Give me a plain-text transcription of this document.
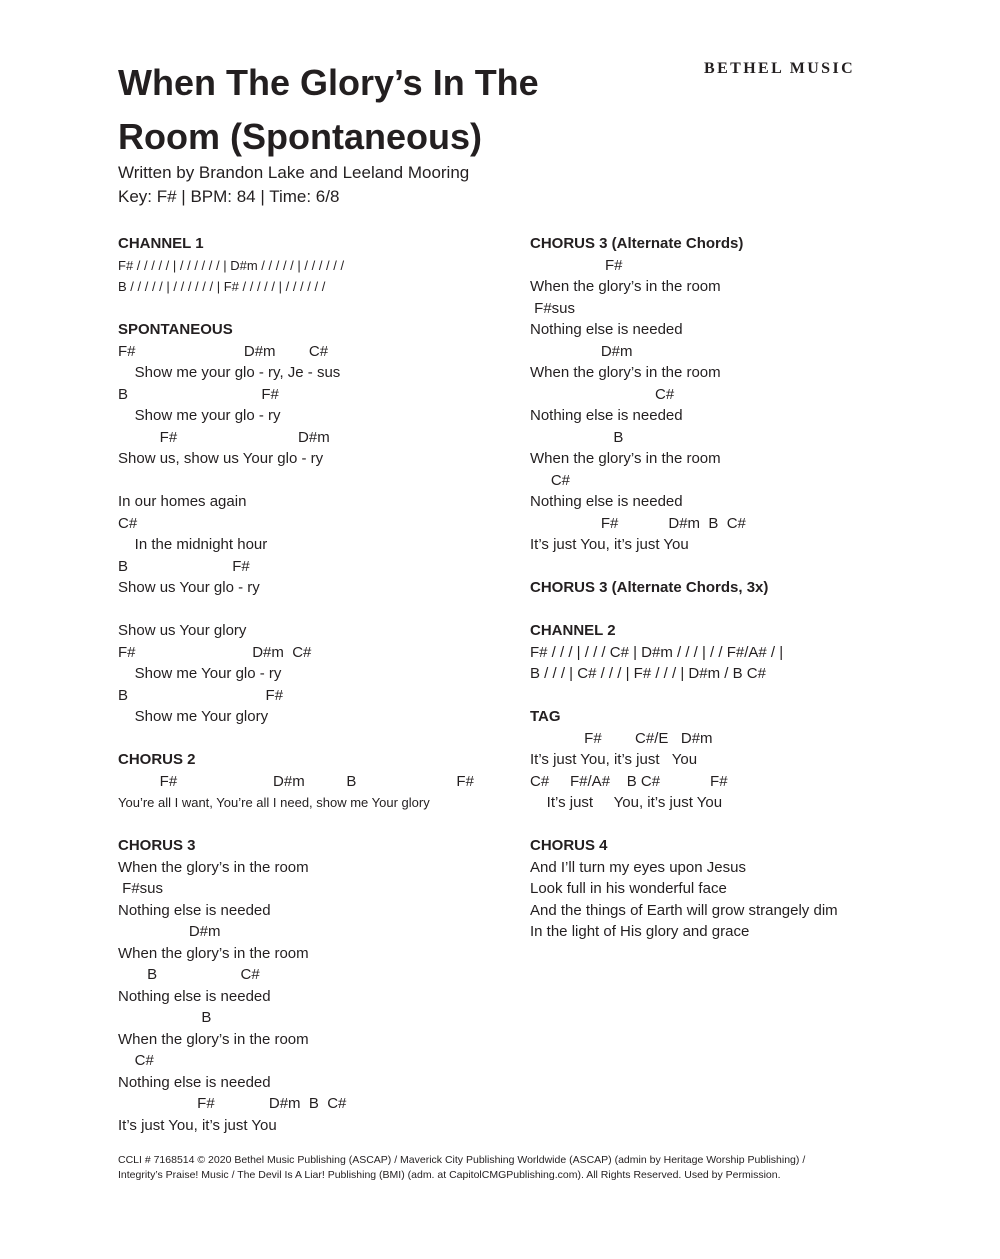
BETHEL MUSIC
When The Glory’s In The Room (Spontaneous)
Written by Brandon Lake and Leeland Mooring
Key: F# | BPM: 84 | Time: 6/8
CHANNEL 1
F# / / / / / | / / / / / / | D#m / / / / / | / / / / / /
B / / / / / | / / / / / / | F# / / / / / | / / / / / /
SPONTANEOUS
F#                          D#m        C#
Show me your glo - ry, Je - sus
B                                F#
Show me your glo - ry
F#                             D#m
Show us, show us Your glo - ry
In our homes again
C#
In the midnight hour
B                         F#
Show us Your glo - ry
Show us Your glory
F#                            D#m  C#
Show me Your glo - ry
B                                 F#
Show me Your glory
CHORUS 2
F#                       D#m          B                        F#
You’re all I want, You’re all I need, show me Your glory
CHORUS 3
When the glory’s in the room
F#sus
Nothing else is needed
D#m
When the glory’s in the room
B                    C#
Nothing else is needed
B
When the glory’s in the room
C#
Nothing else is needed
F#             D#m  B  C#
It’s just You, it’s just You
CHORUS 3 (Alternate Chords)
F#
When the glory’s in the room
F#sus
Nothing else is needed
D#m
When the glory’s in the room
C#
Nothing else is needed
B
When the glory’s in the room
C#
Nothing else is needed
F#            D#m  B  C#
It’s just You, it’s just You
CHORUS 3 (Alternate Chords, 3x)
CHANNEL 2
F# / / / | / / / C# | D#m / / / | / / F#/A# / |
B / / / | C# / / / | F# / / / | D#m / B C#
TAG
F#        C#/E   D#m
It’s just You, it’s just   You
C#     F#/A#    B C#            F#
It’s just     You, it’s just You
CHORUS 4
And I’ll turn my eyes upon Jesus
Look full in his wonderful face
And the things of Earth will grow strangely dim
In the light of His glory and grace
CCLI # 7168514 © 2020 Bethel Music Publishing (ASCAP) / Maverick City Publishing Worldwide (ASCAP) (admin by Heritage Worship Publishing) /
Integrity’s Praise! Music / The Devil Is A Liar! Publishing (BMI) (adm. at CapitolCMGPublishing.com). All Rights Reserved. Used by Permission.
